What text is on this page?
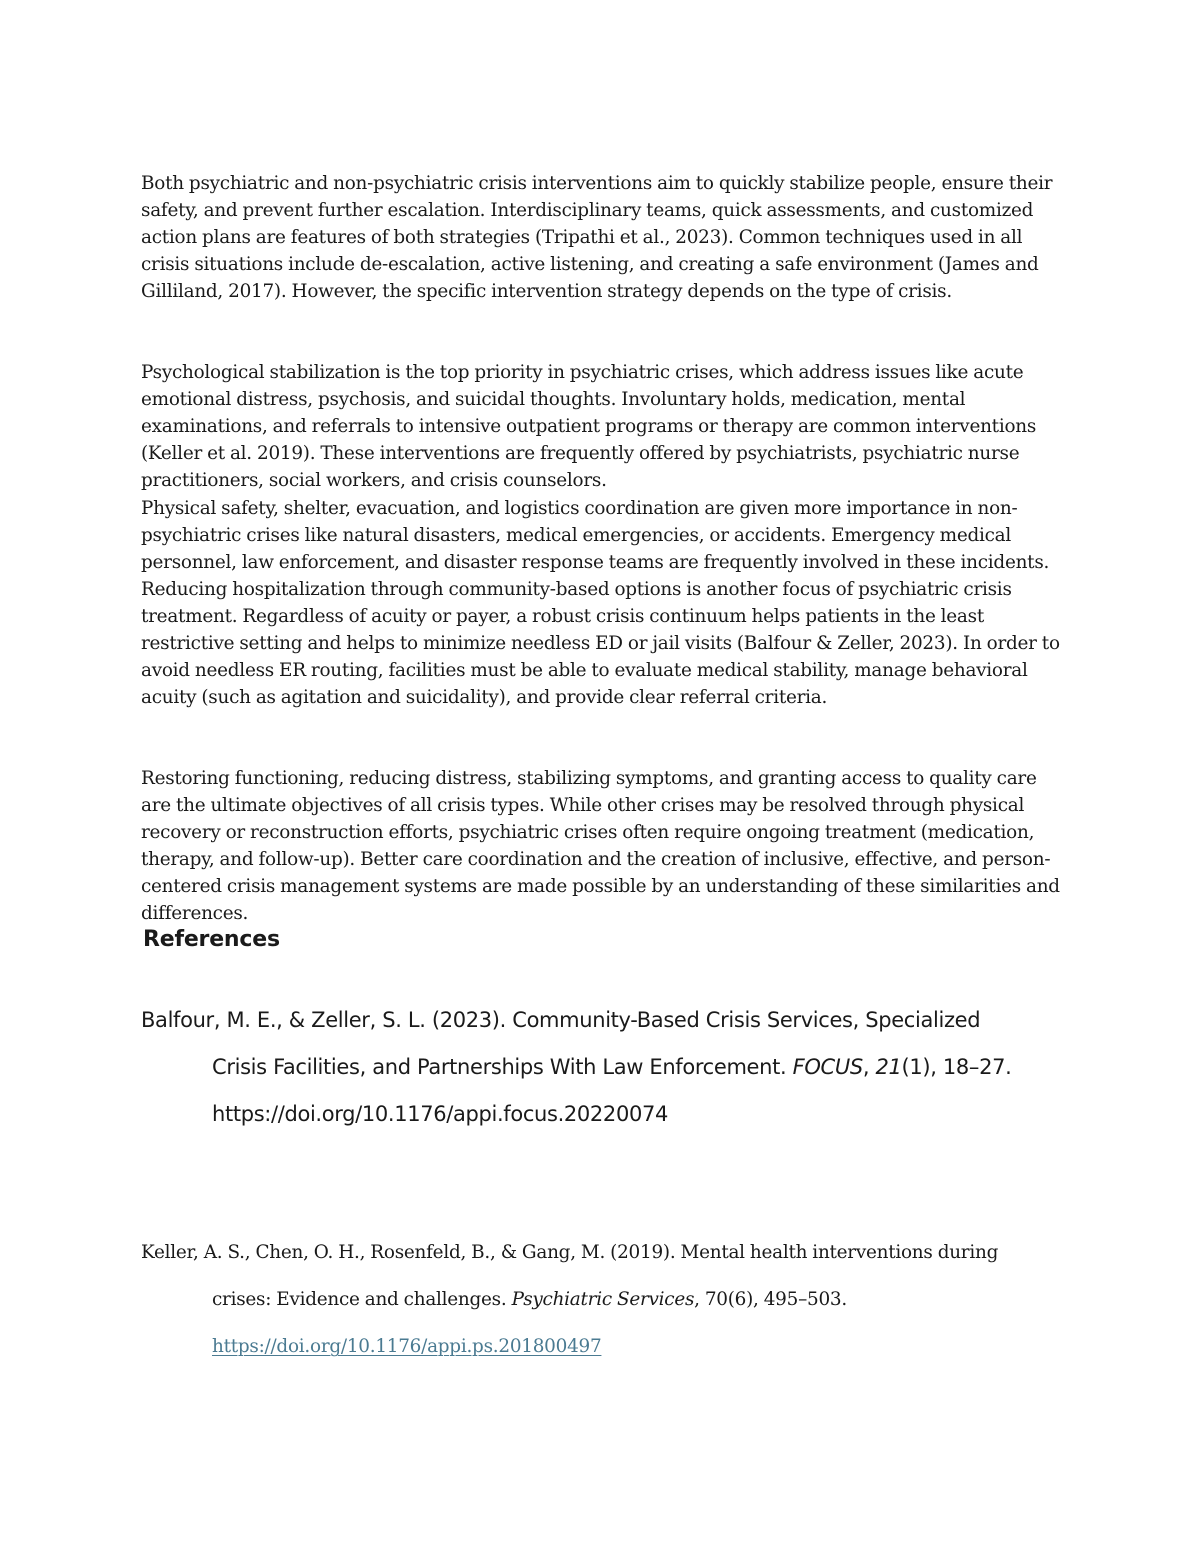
Both psychiatric and non-psychiatric crisis interventions aim to quickly stabilize people, ensure their safety, and prevent further escalation. Interdisciplinary teams, quick assessments, and customized action plans are features of both strategies (Tripathi et al., 2023). Common techniques used in all crisis situations include de-escalation, active listening, and creating a safe environment (James and Gilliland, 2017). However, the specific intervention strategy depends on the type of crisis.

Psychological stabilization is the top priority in psychiatric crises, which address issues like acute emotional distress, psychosis, and suicidal thoughts. Involuntary holds, medication, mental examinations, and referrals to intensive outpatient programs or therapy are common interventions (Keller et al. 2019). These interventions are frequently offered by psychiatrists, psychiatric nurse practitioners, social workers, and crisis counselors.

Physical safety, shelter, evacuation, and logistics coordination are given more importance in non-psychiatric crises like natural disasters, medical emergencies, or accidents. Emergency medical personnel, law enforcement, and disaster response teams are frequently involved in these incidents. Reducing hospitalization through community-based options is another focus of psychiatric crisis treatment. Regardless of acuity or payer, a robust crisis continuum helps patients in the least restrictive setting and helps to minimize needless ED or jail visits (Balfour & Zeller, 2023). In order to avoid needless ER routing, facilities must be able to evaluate medical stability, manage behavioral acuity (such as agitation and suicidality), and provide clear referral criteria.

Restoring functioning, reducing distress, stabilizing symptoms, and granting access to quality care are the ultimate objectives of all crisis types. While other crises may be resolved through physical recovery or reconstruction efforts, psychiatric crises often require ongoing treatment (medication, therapy, and follow-up). Better care coordination and the creation of inclusive, effective, and person-centered crisis management systems are made possible by an understanding of these similarities and differences.

References
Balfour, M. E., & Zeller, S. L. (2023). Community-Based Crisis Services, Specialized
Crisis Facilities, and Partnerships With Law Enforcement. FOCUS, 21(1), 18–27.
https://doi.org/10.1176/appi.focus.20220074
Keller, A. S., Chen, O. H., Rosenfeld, B., & Gang, M. (2019). Mental health interventions during
crises: Evidence and challenges. Psychiatric Services, 70(6), 495–503.
https://doi.org/10.1176/appi.ps.201800497
